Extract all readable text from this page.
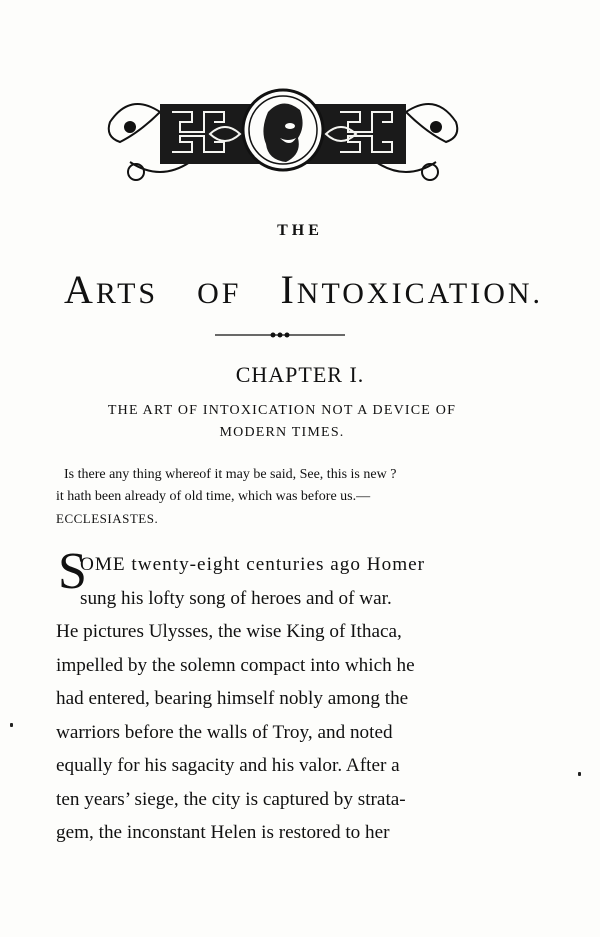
THE
ARTS OF INTOXICATION.
CHAPTER I.
THE ART OF INTOXICATION NOT A DEVICE OF
MODERN TIMES.
Is there any thing whereof it may be said, See, this is new ?
it hath been already of old time, which was before us.—
ECCLESIASTES.
S
OME twenty-eight centuries ago Homer
sung his lofty song of heroes and of war.
He pictures Ulysses, the wise King of Ithaca,
impelled by the solemn compact into which he
had entered, bearing himself nobly among the
warriors before the walls of Troy, and noted
equally for his sagacity and his valor. After a
ten years’ siege, the city is captured by strata-
gem, the inconstant Helen is restored to her
